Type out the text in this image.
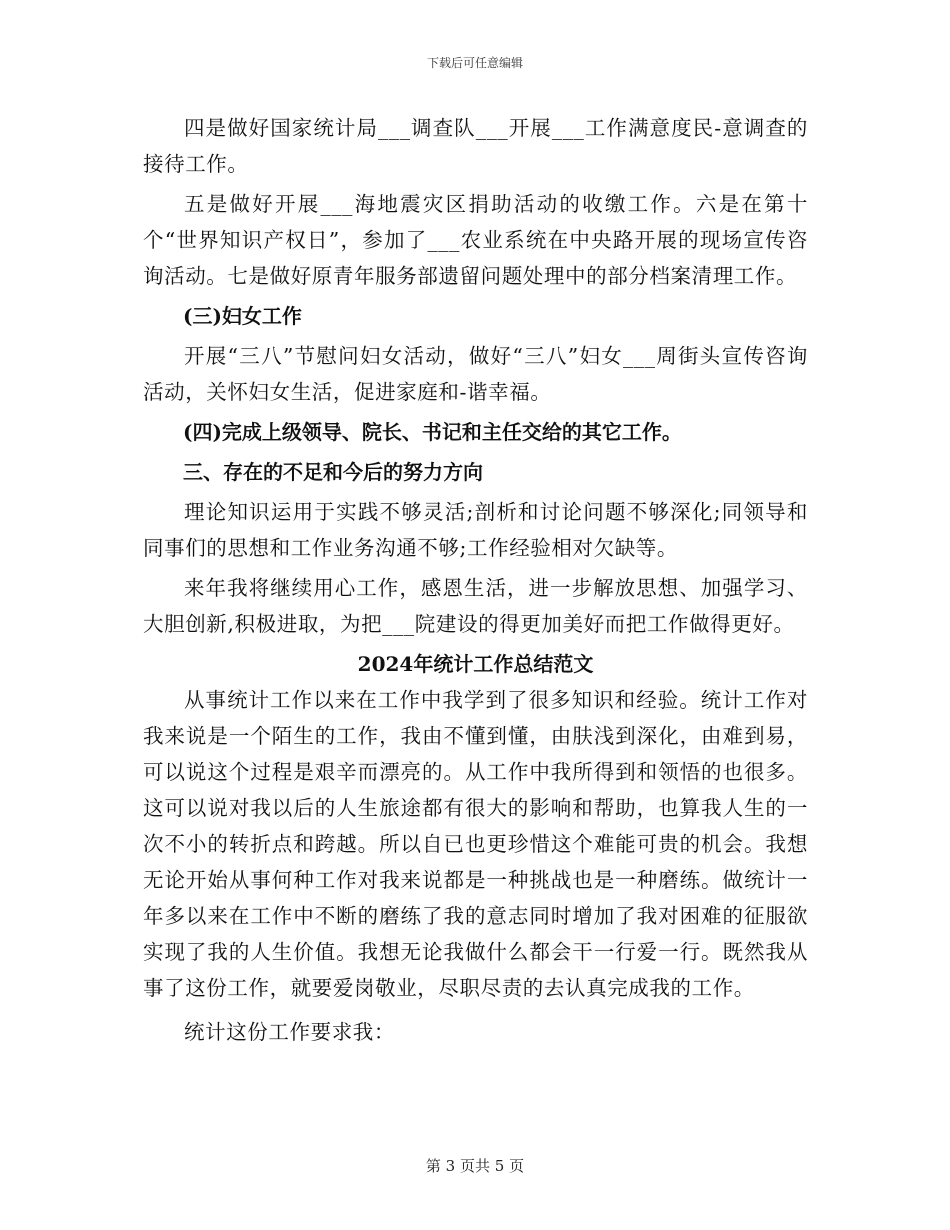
下载后可任意编辑

四是做好国家统计局___调查队___开展___工作满意度民-意调查的接待工作。

五是做好开展___海地震灾区捐助活动的收缴工作。六是在第十个“世界知识产权日”，参加了___农业系统在中央路开展的现场宣传咨询活动。七是做好原青年服务部遗留问题处理中的部分档案清理工作。

(三)妇女工作

开展“三八”节慰问妇女活动，做好“三八”妇女___周街头宣传咨询活动，关怀妇女生活，促进家庭和-谐幸福。

(四)完成上级领导、院长、书记和主任交给的其它工作。

三、存在的不足和今后的努力方向

理论知识运用于实践不够灵活;剖析和讨论问题不够深化;同领导和同事们的思想和工作业务沟通不够;工作经验相对欠缺等。

来年我将继续用心工作，感恩生活，进一步解放思想、加强学习、大胆创新,积极进取，为把___院建设的得更加美好而把工作做得更好。

2024年统计工作总结范文

从事统计工作以来在工作中我学到了很多知识和经验。统计工作对我来说是一个陌生的工作，我由不懂到懂，由肤浅到深化，由难到易，可以说这个过程是艰辛而漂亮的。从工作中我所得到和领悟的也很多。这可以说对我以后的人生旅途都有很大的影响和帮助，也算我人生的一次不小的转折点和跨越。所以自已也更珍惜这个难能可贵的机会。我想无论开始从事何种工作对我来说都是一种挑战也是一种磨练。做统计一年多以来在工作中不断的磨练了我的意志同时增加了我对困难的征服欲实现了我的人生价值。我想无论我做什么都会干一行爱一行。既然我从事了这份工作，就要爱岗敬业，尽职尽责的去认真完成我的工作。

统计这份工作要求我：

第 3 页共 5 页
